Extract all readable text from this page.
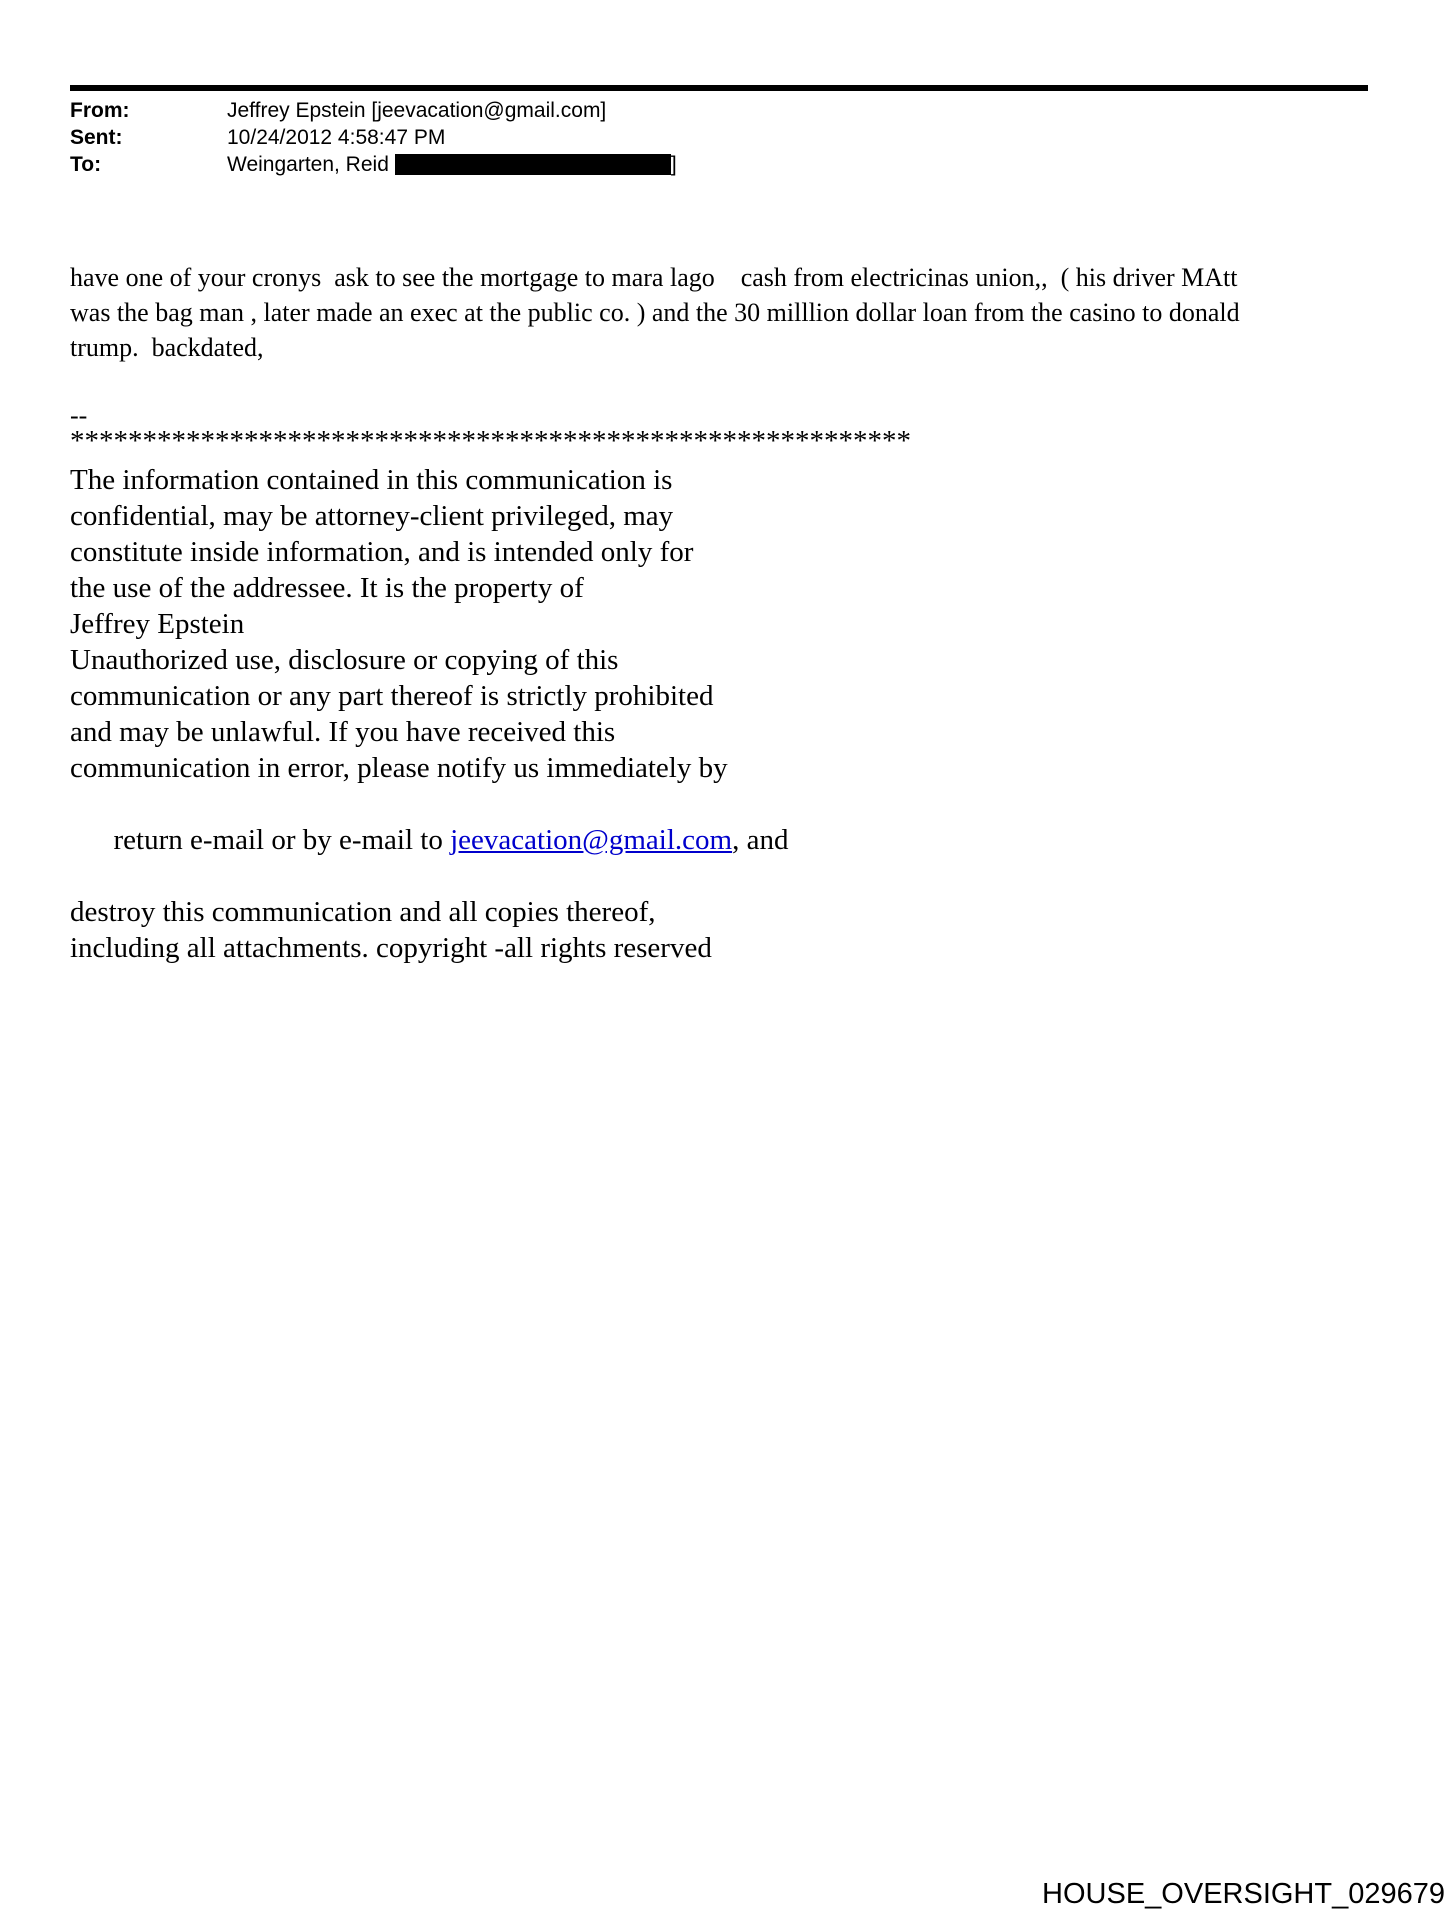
From:	Jeffrey Epstein [jeevacation@gmail.com]
Sent:	10/24/2012 4:58:47 PM
To:	Weingarten, Reid	]
have one of your cronys  ask to see the mortgage to mara lago    cash from electricinas union,,  ( his driver MAtt
was the bag man , later made an exec at the public co. ) and the 30 milllion dollar loan from the casino to donald
trump.  backdated,
--
**********************************************************
The information contained in this communication is
confidential, may be attorney-client privileged, may
constitute inside information, and is intended only for
the use of the addressee. It is the property of
Jeffrey Epstein
Unauthorized use, disclosure or copying of this
communication or any part thereof is strictly prohibited
and may be unlawful. If you have received this
communication in error, please notify us immediately by

return e-mail or by e-mail to jeevacation@gmail.com, and

destroy this communication and all copies thereof,
including all attachments. copyright -all rights reserved
HOUSE_OVERSIGHT_029679
